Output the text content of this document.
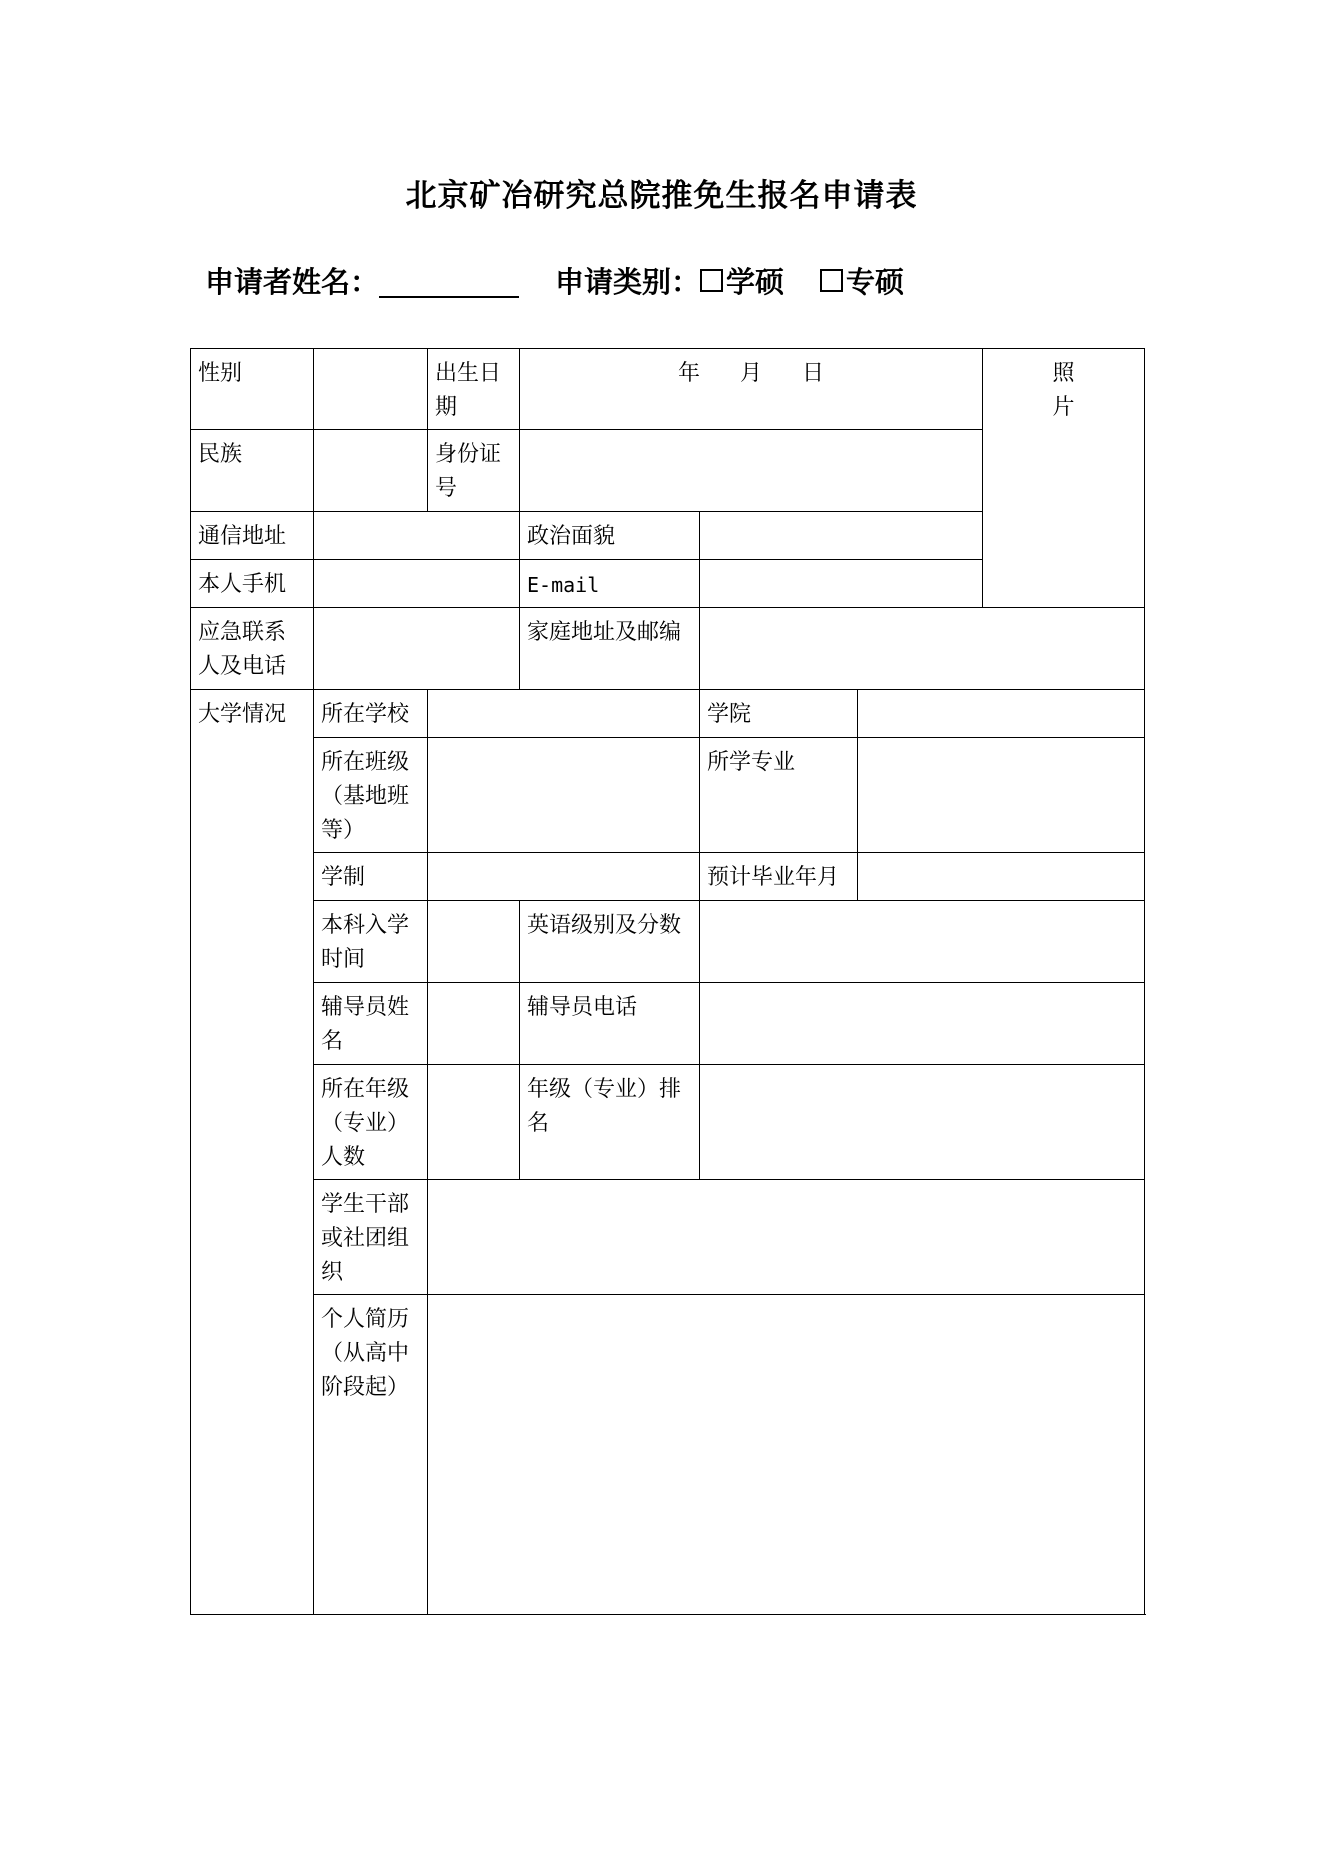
北京矿冶研究总院推免生报名申请表
申请者姓名：	申请类别： 学硕 专硕
性别		出生日期	年 月 日			照片
民族		身份证号				
通信地址			政治面貌			
本人手机			E-mail			
应急联系人及电话			家庭地址及邮编			
大学情况	所在学校			学院		
	所在班级（基地班等）			所学专业		
	学制			预计毕业年月		
	本科入学时间		英语级别及分数			
	辅导员姓名		辅导员电话			
	所在年级（专业）人数		年级（专业）排名			
	学生干部或社团组织					
	个人简历（从高中阶段起）					
